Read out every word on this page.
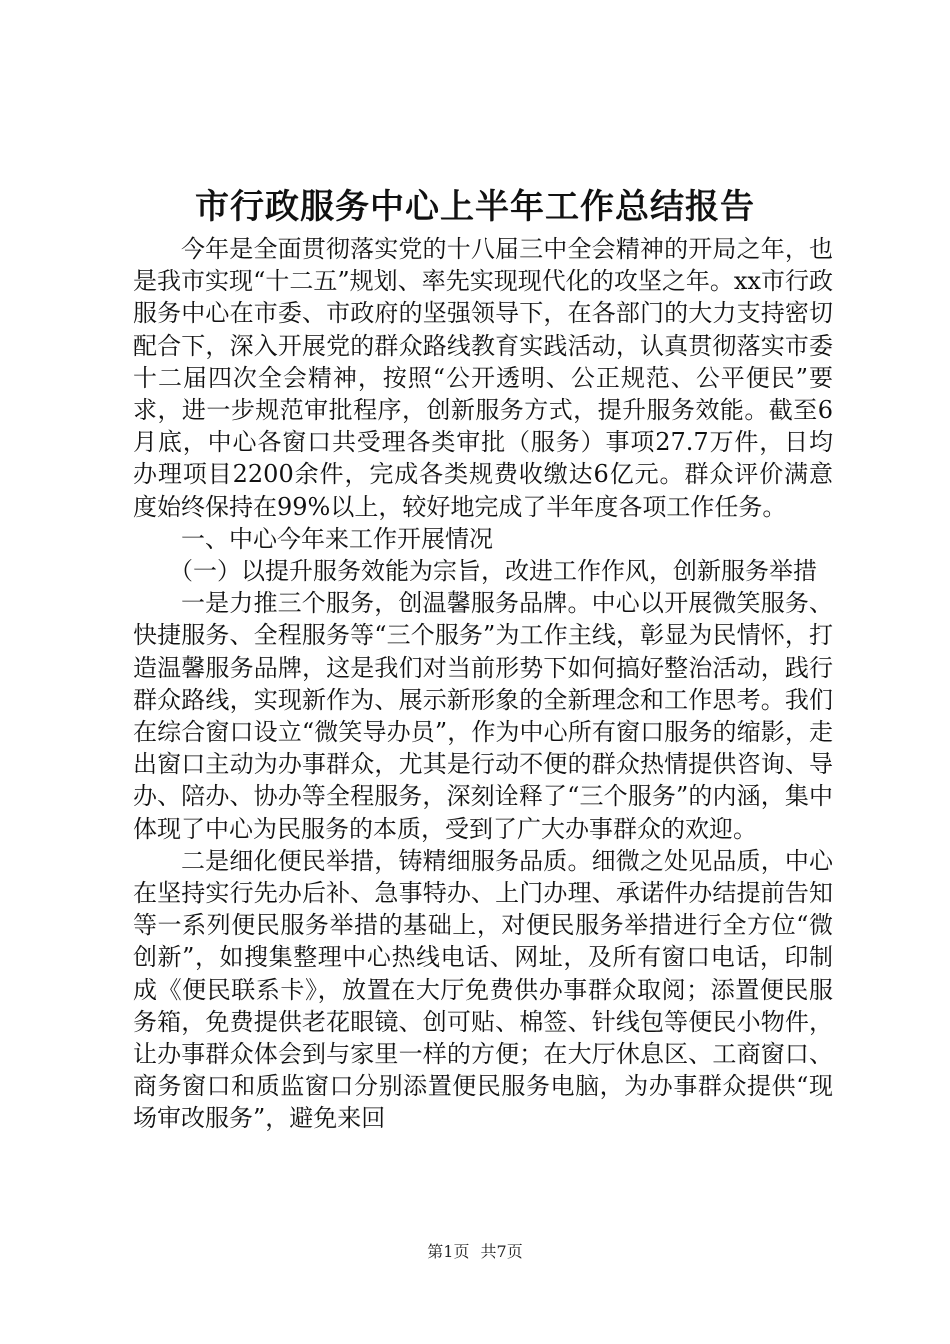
市行政服务中心上半年工作总结报告

今年是全面贯彻落实党的十八届三中全会精神的开局之年，也是我市实现“十二五”规划、率先实现现代化的攻坚之年。xx市行政服务中心在市委、市政府的坚强领导下，在各部门的大力支持密切配合下，深入开展党的群众路线教育实践活动，认真贯彻落实市委十二届四次全会精神，按照“公开透明、公正规范、公平便民”要求，进一步规范审批程序，创新服务方式，提升服务效能。截至6月底，中心各窗口共受理各类审批（服务）事项27.7万件，日均办理项目2200余件，完成各类规费收缴达6亿元。群众评价满意度始终保持在99%以上，较好地完成了半年度各项工作任务。

一、中心今年来工作开展情况

（一）以提升服务效能为宗旨，改进工作作风，创新服务举措

一是力推三个服务，创温馨服务品牌。中心以开展微笑服务、快捷服务、全程服务等“三个服务”为工作主线，彰显为民情怀，打造温馨服务品牌，这是我们对当前形势下如何搞好整治活动，践行群众路线，实现新作为、展示新形象的全新理念和工作思考。我们在综合窗口设立“微笑导办员”，作为中心所有窗口服务的缩影，走出窗口主动为办事群众，尤其是行动不便的群众热情提供咨询、导办、陪办、协办等全程服务，深刻诠释了“三个服务”的内涵，集中体现了中心为民服务的本质，受到了广大办事群众的欢迎。

二是细化便民举措，铸精细服务品质。细微之处见品质，中心在坚持实行先办后补、急事特办、上门办理、承诺件办结提前告知等一系列便民服务举措的基础上，对便民服务举措进行全方位“微创新”，如搜集整理中心热线电话、网址，及所有窗口电话，印制成《便民联系卡》，放置在大厅免费供办事群众取阅；添置便民服务箱，免费提供老花眼镜、创可贴、棉签、针线包等便民小物件，让办事群众体会到与家里一样的方便；在大厅休息区、工商窗口、商务窗口和质监窗口分别添置便民服务电脑，为办事群众提供“现场审改服务”，避免来回

第1页 共7页
